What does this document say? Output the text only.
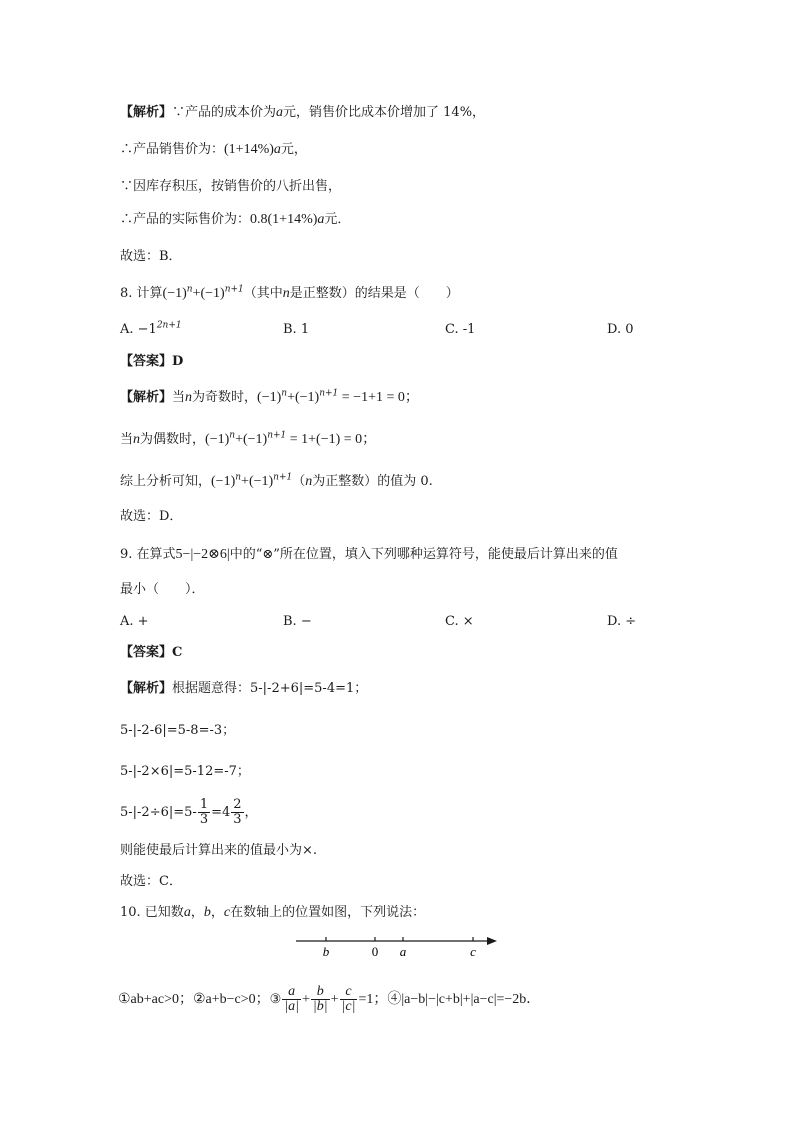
【解析】∵产品的成本价为a元，销售价比成本价增加了 14%，
∴产品销售价为：(1+14%)a元，
∵因库存积压，按销售价的八折出售，
∴产品的实际售价为：0.8(1+14%)a元．
故选：B．
8. 计算$(-1)^n+(-1)^{n+1}$（其中n是正整数）的结果是（　　）
A. $-1^{2n+1}$	B. 1	C. -1	D. 0
【答案】D
【解析】当n为奇数时，$(-1)^n+(-1)^{n+1} = -1+1 = 0$；
当n为偶数时，$(-1)^n+(-1)^{n+1} = 1+(-1) = 0$；
综上分析可知，$(-1)^n+(-1)^{n+1}(n$为正整数）的值为 0.
故选：D．
9. 在算式5−|−2⊗6|中的“⊗”所在位置，填入下列哪种运算符号，能使最后计算出来的值
最小（　　）．
A. +	B. −	C. ×	D. ÷
【答案】C
【解析】根据题意得：5-|-2+6|=5-4=1；
5-|-2-6|=5-8=-3；
5-|-2×6|=5-12=-7；
$5-|-2\div 6|=5- \frac{1}{3} =4 \frac{2}{3}$ ，
则能使最后计算出来的值最小为×.
故选：C．
10. 已知数a，b，c在数轴上的位置如图，下列说法：
b	0 a	c
①ab+ac>0；②a+b−c>0；③ $\frac{a}{|a|} + \frac{b}{|b|} + \frac{c}{|c|} =1$；④|a−b|−|c+b|+|a−c|=−2b．
